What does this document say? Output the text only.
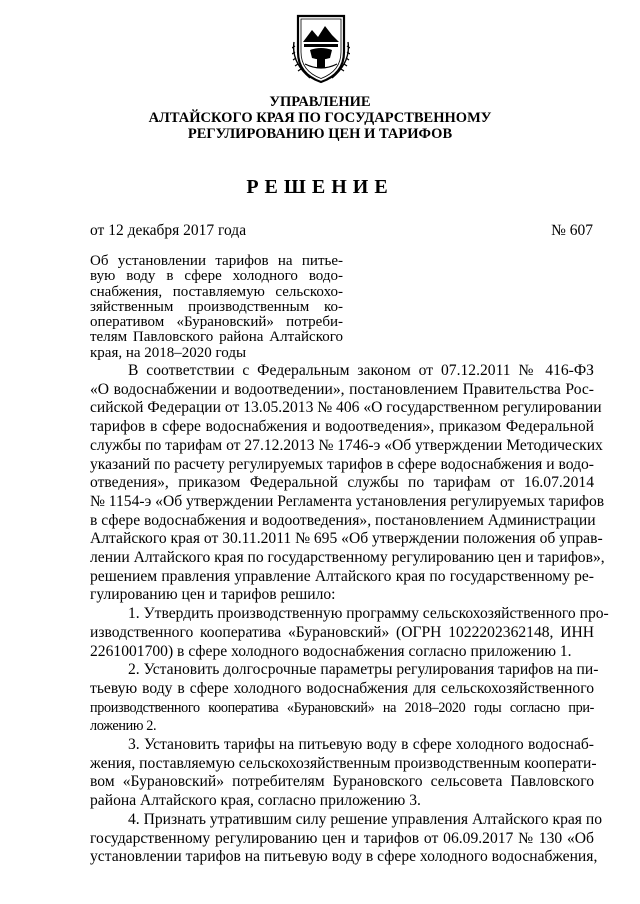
УПРАВЛЕНИЕ
АЛТАЙСКОГО КРАЯ ПО ГОСУДАРСТВЕННОМУ
РЕГУЛИРОВАНИЮ ЦЕН И ТАРИФОВ
РЕШЕНИЕ
от 12 декабря 2017 года	№ 607
Об установлении тарифов на питье-
вую воду в сфере холодного водо-
снабжения, поставляемую сельскохо-
зяйственным производственным ко-
оперативом «Бурановский» потреби-
телям Павловского района Алтайского
края, на 2018–2020 годы
В соответствии с Федеральным законом от 07.12.2011 № 416-ФЗ
«О водоснабжении и водоотведении», постановлением Правительства Рос-
сийской Федерации от 13.05.2013 № 406 «О государственном регулировании
тарифов в сфере водоснабжения и водоотведения», приказом Федеральной
службы по тарифам от 27.12.2013 № 1746-э «Об утверждении Методических
указаний по расчету регулируемых тарифов в сфере водоснабжения и водо-
отведения», приказом Федеральной службы по тарифам от 16.07.2014
№ 1154-э «Об утверждении Регламента установления регулируемых тарифов
в сфере водоснабжения и водоотведения», постановлением Администрации
Алтайского края от 30.11.2011 № 695 «Об утверждении положения об управ-
лении Алтайского края по государственному регулированию цен и тарифов»,
решением правления управление Алтайского края по государственному ре-
гулированию цен и тарифов решило:
1. Утвердить производственную программу сельскохозяйственного про-
изводственного кооператива «Бурановский» (ОГРН 1022202362148, ИНН
2261001700) в сфере холодного водоснабжения согласно приложению 1.
2. Установить долгосрочные параметры регулирования тарифов на пи-
тьевую воду в сфере холодного водоснабжения для сельскохозяйственного
производственного кооператива «Бурановский» на 2018–2020 годы согласно при-
ложению 2.
3. Установить тарифы на питьевую воду в сфере холодного водоснаб-
жения, поставляемую сельскохозяйственным производственным кооперати-
вом «Бурановский» потребителям Бурановского сельсовета Павловского
района Алтайского края, согласно приложению 3.
4. Признать утратившим силу решение управления Алтайского края по
государственному регулированию цен и тарифов от 06.09.2017 № 130 «Об
установлении тарифов на питьевую воду в сфере холодного водоснабжения,
